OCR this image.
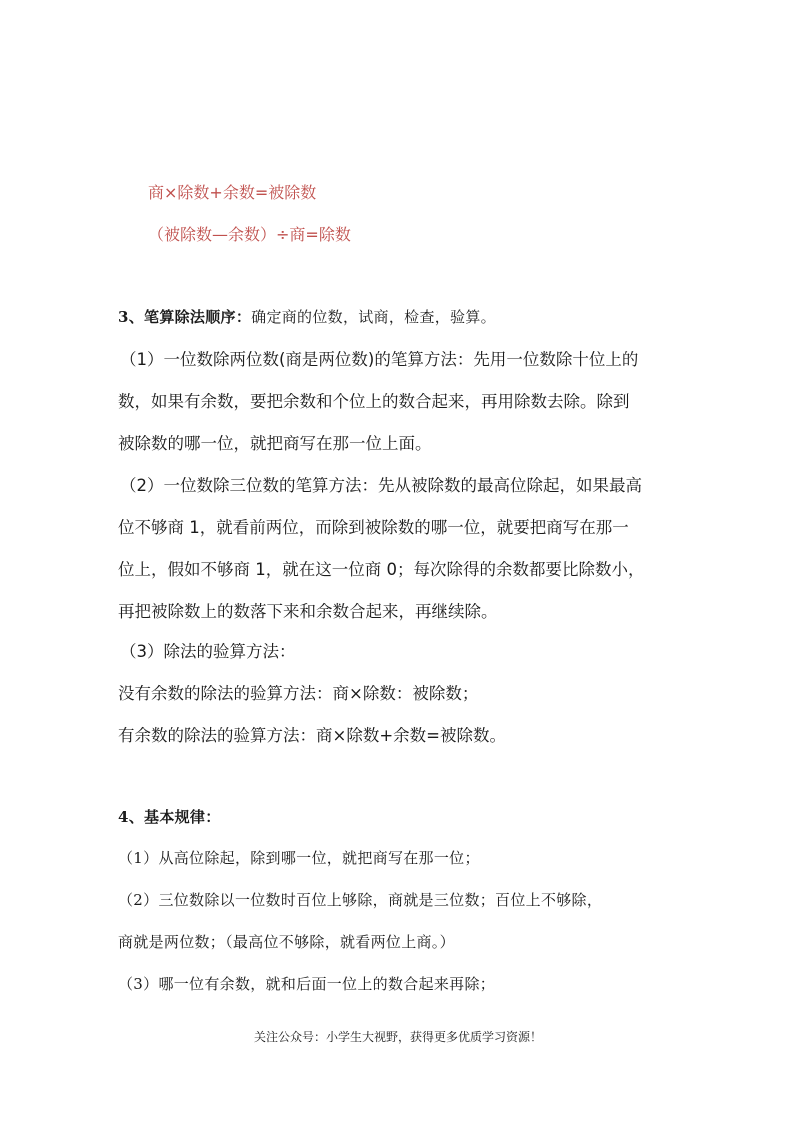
商×除数+余数=被除数
（被除数—余数）÷商=除数
3、笔算除法顺序：确定商的位数，试商，检查，验算。
（1）一位数除两位数(商是两位数)的笔算方法：先用一位数除十位上的
数，如果有余数，要把余数和个位上的数合起来，再用除数去除。除到
被除数的哪一位，就把商写在那一位上面。
（2）一位数除三位数的笔算方法：先从被除数的最高位除起，如果最高
位不够商 1，就看前两位，而除到被除数的哪一位，就要把商写在那一
位上，假如不够商 1，就在这一位商 0；每次除得的余数都要比除数小，
再把被除数上的数落下来和余数合起来，再继续除。
（3）除法的验算方法：
没有余数的除法的验算方法：商×除数：被除数；
有余数的除法的验算方法：商×除数+余数=被除数。
4、基本规律：
（1）从高位除起，除到哪一位，就把商写在那一位；
（2）三位数除以一位数时百位上够除，商就是三位数；百位上不够除，
商就是两位数；（最高位不够除，就看两位上商。）
（3）哪一位有余数，就和后面一位上的数合起来再除；
关注公众号：小学生大视野，获得更多优质学习资源！
